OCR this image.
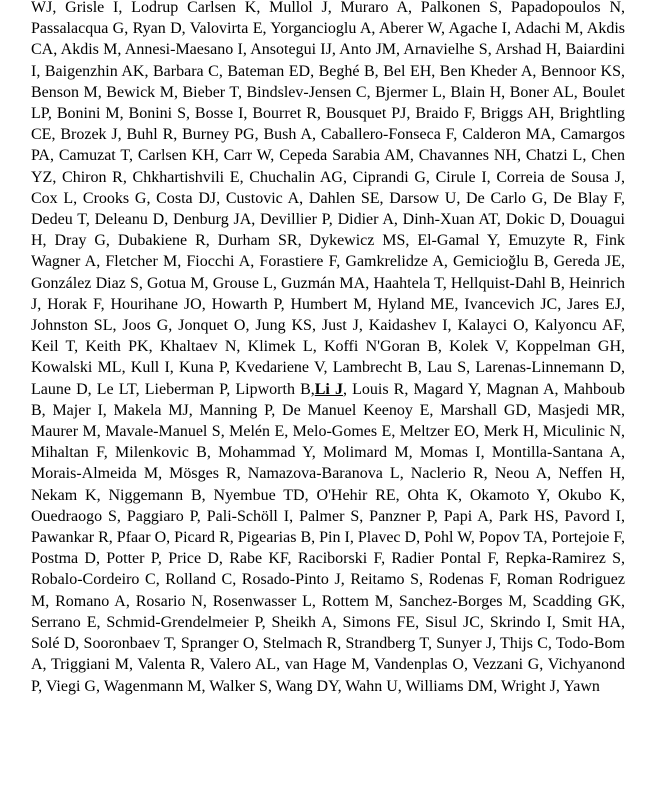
WJ, Grisle I, Lodrup Carlsen K, Mullol J, Muraro A, Palkonen S, Papadopoulos N, Passalacqua G, Ryan D, Valovirta E, Yorgancioglu A, Aberer W, Agache I, Adachi M, Akdis CA, Akdis M, Annesi-Maesano I, Ansotegui IJ, Anto JM, Arnavielhe S, Arshad H, Baiardini I, Baigenzhin AK, Barbara C, Bateman ED, Beghé B, Bel EH, Ben Kheder A, Bennoor KS, Benson M, Bewick M, Bieber T, Bindslev-Jensen C, Bjermer L, Blain H, Boner AL, Boulet LP, Bonini M, Bonini S, Bosse I, Bourret R, Bousquet PJ, Braido F, Briggs AH, Brightling CE, Brozek J, Buhl R, Burney PG, Bush A, Caballero-Fonseca F, Calderon MA, Camargos PA, Camuzat T, Carlsen KH, Carr W, Cepeda Sarabia AM, Chavannes NH, Chatzi L, Chen YZ, Chiron R, Chkhartishvili E, Chuchalin AG, Ciprandi G, Cirule I, Correia de Sousa J, Cox L, Crooks G, Costa DJ, Custovic A, Dahlen SE, Darsow U, De Carlo G, De Blay F, Dedeu T, Deleanu D, Denburg JA, Devillier P, Didier A, Dinh-Xuan AT, Dokic D, Douagui H, Dray G, Dubakiene R, Durham SR, Dykewicz MS, El-Gamal Y, Emuzyte R, Fink Wagner A, Fletcher M, Fiocchi A, Forastiere F, Gamkrelidze A, Gemicioğlu B, Gereda JE, González Diaz S, Gotua M, Grouse L, Guzmán MA, Haahtela T, Hellquist-Dahl B, Heinrich J, Horak F, Hourihane JO, Howarth P, Humbert M, Hyland ME, Ivancevich JC, Jares EJ, Johnston SL, Joos G, Jonquet O, Jung KS, Just J, Kaidashev I, Kalayci O, Kalyoncu AF, Keil T, Keith PK, Khaltaev N, Klimek L, Koffi N'Goran B, Kolek V, Koppelman GH, Kowalski ML, Kull I, Kuna P, Kvedariene V, Lambrecht B, Lau S, Larenas-Linnemann D, Laune D, Le LT, Lieberman P, Lipworth B,Li J, Louis R, Magard Y, Magnan A, Mahboub B, Majer I, Makela MJ, Manning P, De Manuel Keenoy E, Marshall GD, Masjedi MR, Maurer M, Mavale-Manuel S, Melén E, Melo-Gomes E, Meltzer EO, Merk H, Miculinic N, Mihaltan F, Milenkovic B, Mohammad Y, Molimard M, Momas I, Montilla-Santana A, Morais-Almeida M, Mösges R, Namazova-Baranova L, Naclerio R, Neou A, Neffen H, Nekam K, Niggemann B, Nyembue TD, O'Hehir RE, Ohta K, Okamoto Y, Okubo K, Ouedraogo S, Paggiaro P, Pali-Schöll I, Palmer S, Panzner P, Papi A, Park HS, Pavord I, Pawankar R, Pfaar O, Picard R, Pigearias B, Pin I, Plavec D, Pohl W, Popov TA, Portejoie F, Postma D, Potter P, Price D, Rabe KF, Raciborski F, Radier Pontal F, Repka-Ramirez S, Robalo-Cordeiro C, Rolland C, Rosado-Pinto J, Reitamo S, Rodenas F, Roman Rodriguez M, Romano A, Rosario N, Rosenwasser L, Rottem M, Sanchez-Borges M, Scadding GK, Serrano E, Schmid-Grendelmeier P, Sheikh A, Simons FE, Sisul JC, Skrindo I, Smit HA, Solé D, Sooronbaev T, Spranger O, Stelmach R, Strandberg T, Sunyer J, Thijs C, Todo-Bom A, Triggiani M, Valenta R, Valero AL, van Hage M, Vandenplas O, Vezzani G, Vichyanond P, Viegi G, Wagenmann M, Walker S, Wang DY, Wahn U, Williams DM, Wright J, Yawn
